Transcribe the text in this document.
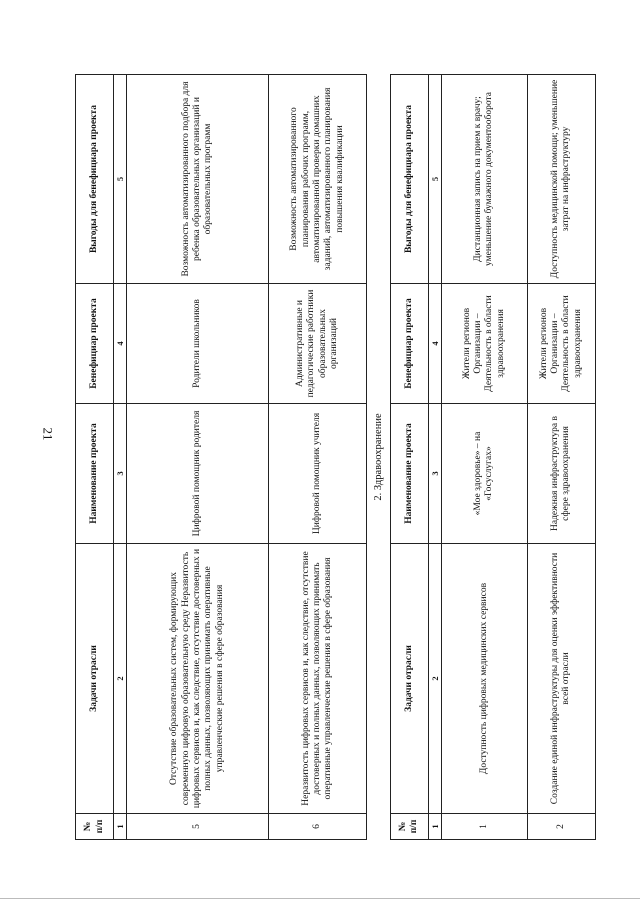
21
№ п/п	Задачи отрасли	Наименование проекта	Бенефициар проекта	Выгоды для бенефициара проекта
1	2	3	4	5
5	Отсутствие образовательных систем, формирующих современную цифровую образовательную среду Неразвитость цифровых сервисов и, как следствие, отсутствие достоверных и полных данных, позволяющих принимать оперативные управленческие решения в сфере образования	Цифровой помощник родителя	Родители школьников	Возможность автоматизированного подбора для ребенка образовательных организаций и образовательных программ
6	Неразвитость цифровых сервисов и, как следствие, отсутствие достоверных и полных данных, позволяющих принимать оперативные управленческие решения в сфере образования	Цифровой помощник учителя	Административные и педагогические работники образовательных организаций	Возможность автоматизированного планирования рабочих программ, автоматизированной проверки домашних заданий, автоматизированного планирования повышения квалификации
2. Здравоохранение				
№ п/п	Задачи отрасли	Наименование проекта	Бенефициар проекта	Выгоды для бенефициара проекта
1	2	3	4	5
1	Доступность цифровых медицинских сервисов	«Мое здоровье» – на «Госуслугах»	Жители регионов Организации – Деятельность в области здравоохранения	Дистанционная запись на прием к врачу; уменьшение бумажного документооборота
2	Создание единой инфраструктуры для оценки эффективности всей отрасли	Надежная инфраструктура в сфере здравоохранения	Жители регионов Организации – Деятельность в области здравоохранения	Доступность медицинской помощи; уменьшение затрат на инфраструктуру
